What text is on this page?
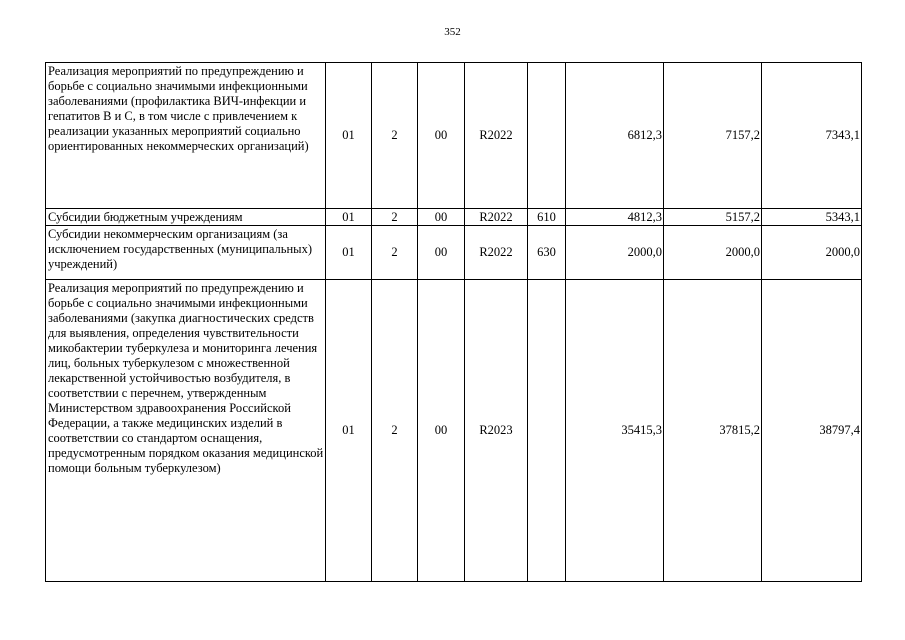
352
Реализация мероприятий по предупреждению и борьбе с социально значимыми инфекционными заболеваниями (профилактика ВИЧ-инфекции и гепатитов В и С, в том числе с привлечением к реализации указанных мероприятий социально ориентированных некоммерческих организаций)	01	2	00	R2022		6812,3	7157,2	7343,1
Субсидии бюджетным учреждениям	01	2	00	R2022	610	4812,3	5157,2	5343,1
Субсидии некоммерческим организациям (за исключением государственных (муниципальных) учреждений)	01	2	00	R2022	630	2000,0	2000,0	2000,0
Реализация мероприятий по предупреждению и борьбе с социально значимыми инфекционными заболеваниями (закупка диагностических средств для выявления, определения чувствительности микобактерии туберкулеза и мониторинга лечения лиц, больных туберкулезом с множественной лекарственной устойчивостью возбудителя, в соответствии с перечнем, утвержденным Министерством здравоохранения Российской Федерации, а также медицинских изделий в соответствии со стандартом оснащения, предусмотренным порядком оказания медицинской помощи больным туберкулезом)	01	2	00	R2023		35415,3	37815,2	38797,4
